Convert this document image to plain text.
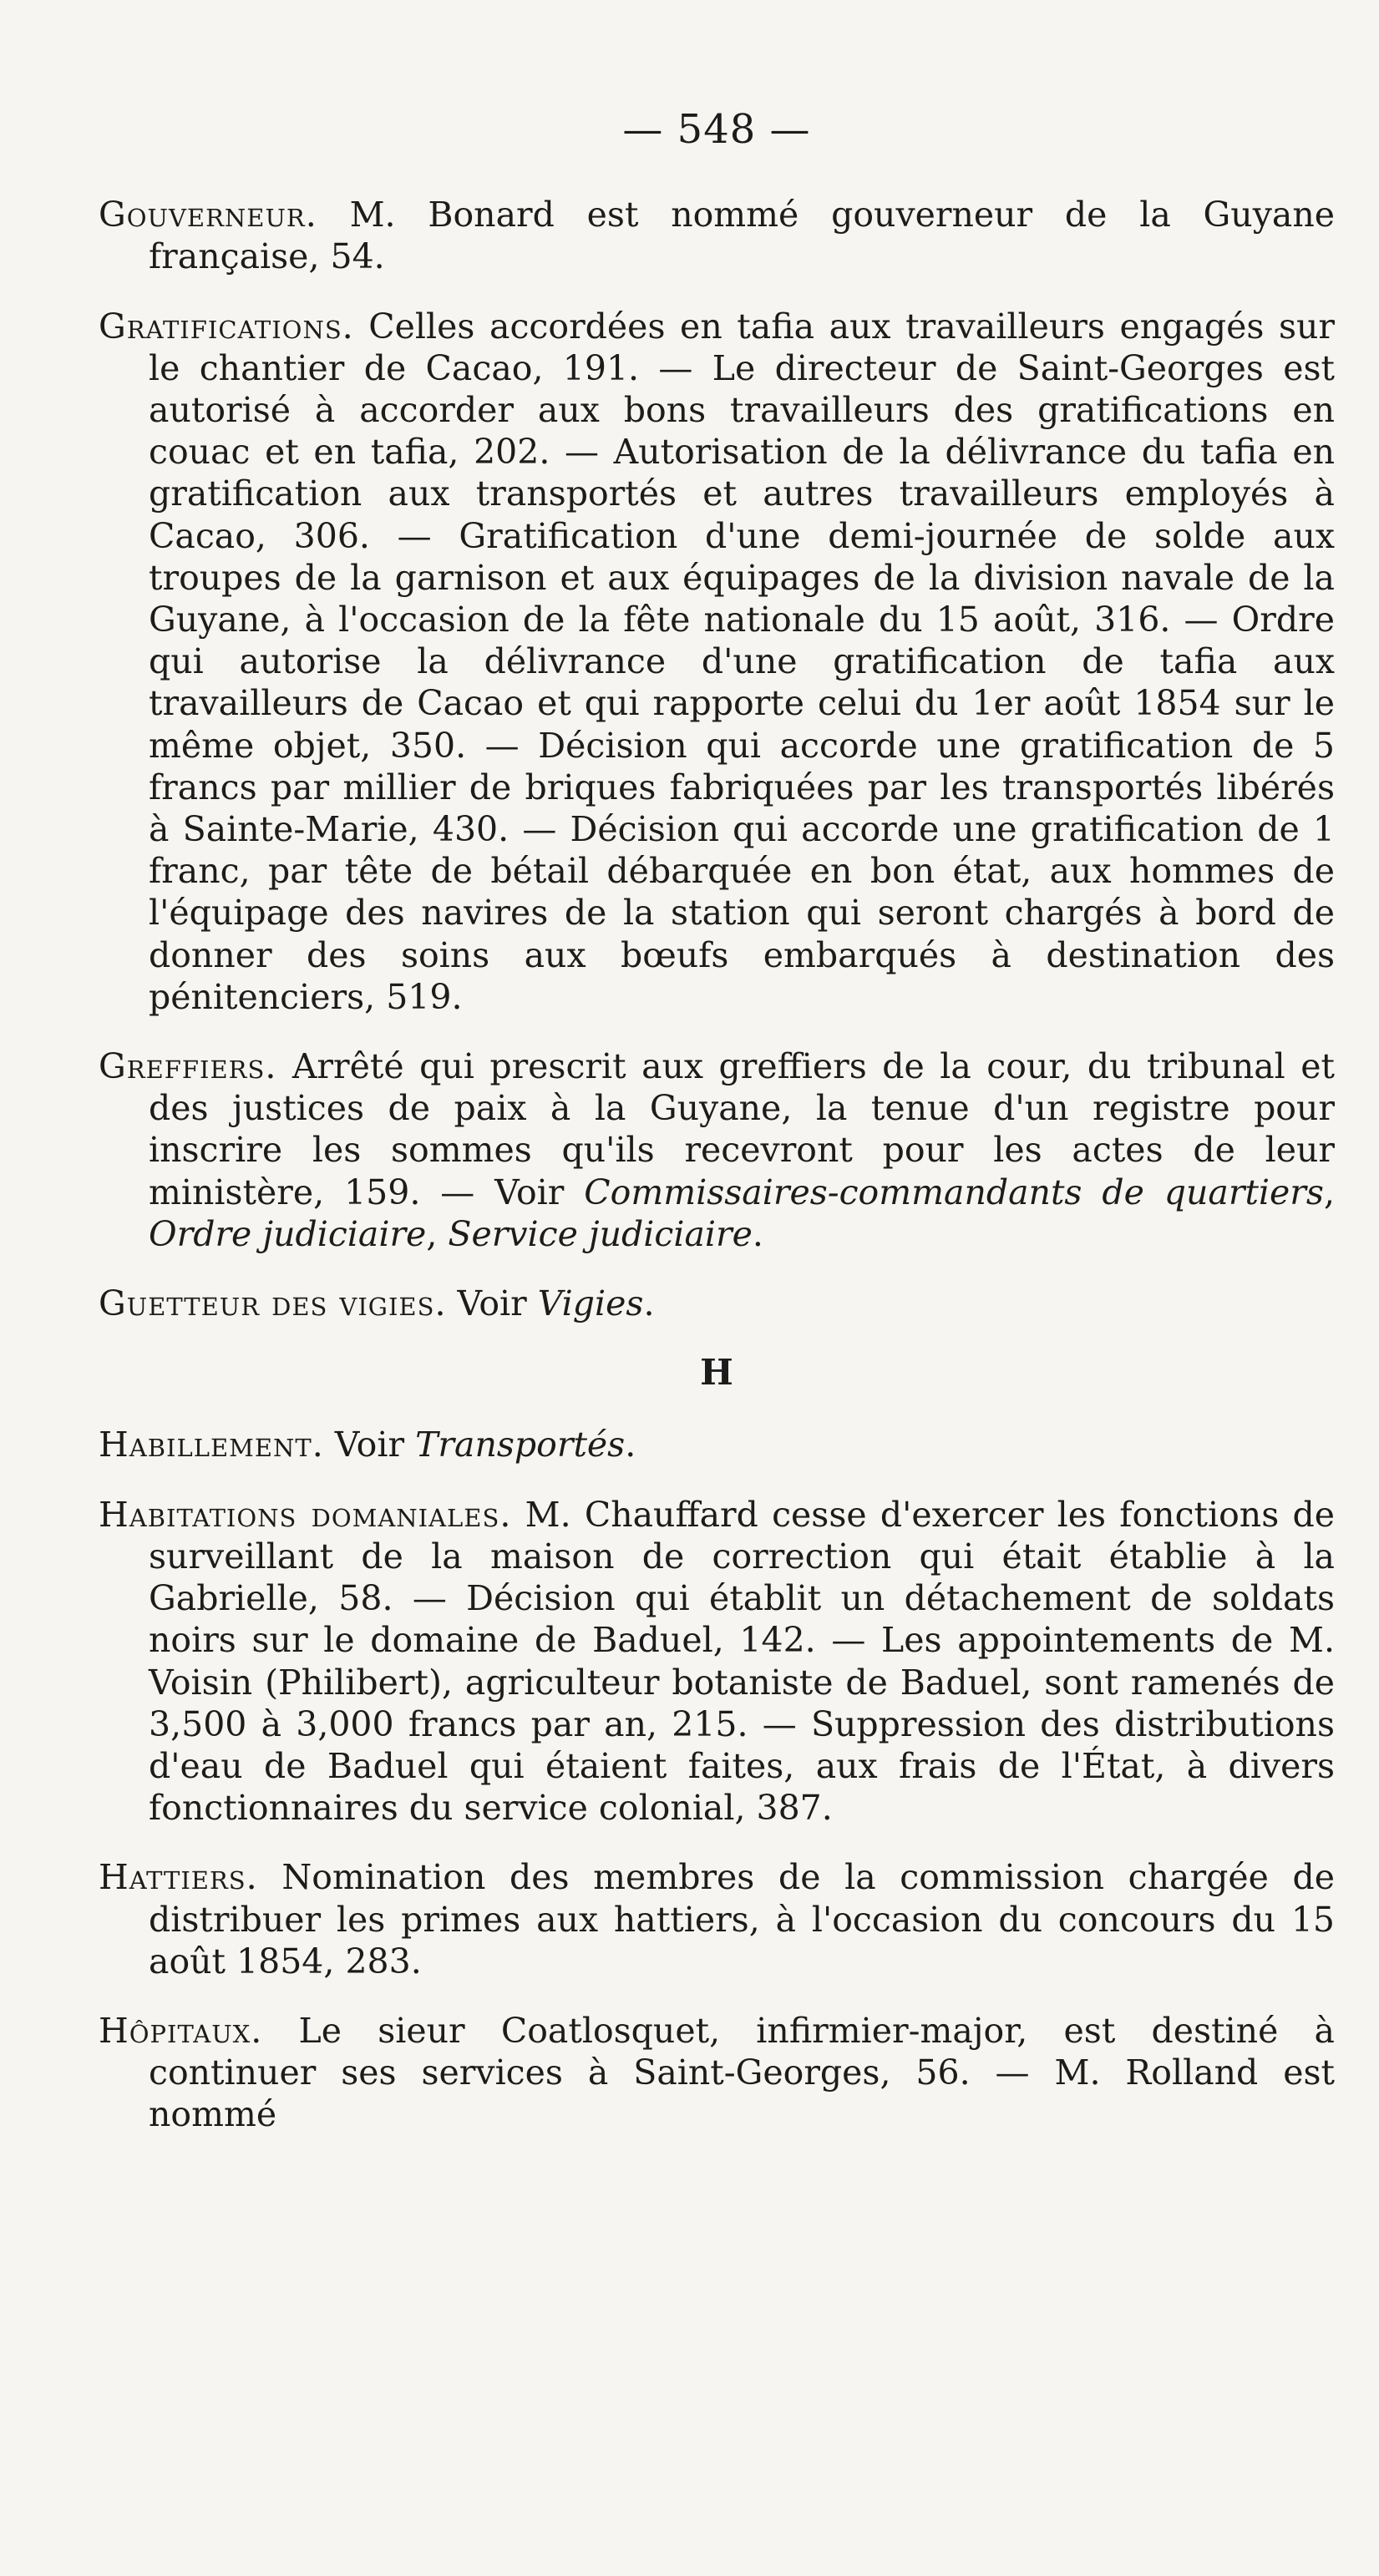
— 548 —

Gouverneur. M. Bonard est nommé gouverneur de la Guyane française, 54.

Gratifications. Celles accordées en tafia aux travailleurs engagés sur le chantier de Cacao, 191. — Le directeur de Saint-Georges est autorisé à accorder aux bons travailleurs des gratifications en couac et en tafia, 202. — Autorisation de la délivrance du tafia en gratification aux transportés et autres travailleurs employés à Cacao, 306. — Gratification d'une demi-journée de solde aux troupes de la garnison et aux équipages de la division navale de la Guyane, à l'occasion de la fête nationale du 15 août, 316. — Ordre qui autorise la délivrance d'une gratification de tafia aux travailleurs de Cacao et qui rapporte celui du 1er août 1854 sur le même objet, 350. — Décision qui accorde une gratification de 5 francs par millier de briques fabriquées par les transportés libérés à Sainte-Marie, 430. — Décision qui accorde une gratification de 1 franc, par tête de bétail débarquée en bon état, aux hommes de l'équipage des navires de la station qui seront chargés à bord de donner des soins aux bœufs embarqués à destination des pénitenciers, 519.

Greffiers. Arrêté qui prescrit aux greffiers de la cour, du tribunal et des justices de paix à la Guyane, la tenue d'un registre pour inscrire les sommes qu'ils recevront pour les actes de leur ministère, 159. — Voir Commissaires-commandants de quartiers, Ordre judiciaire, Service judiciaire.

Guetteur des vigies. Voir Vigies.

H

Habillement. Voir Transportés.

Habitations domaniales. M. Chauffard cesse d'exercer les fonctions de surveillant de la maison de correction qui était établie à la Gabrielle, 58. — Décision qui établit un détachement de soldats noirs sur le domaine de Baduel, 142. — Les appointements de M. Voisin (Philibert), agriculteur botaniste de Baduel, sont ramenés de 3,500 à 3,000 francs par an, 215. — Suppression des distributions d'eau de Baduel qui étaient faites, aux frais de l'État, à divers fonctionnaires du service colonial, 387.

Hattiers. Nomination des membres de la commission chargée de distribuer les primes aux hattiers, à l'occasion du concours du 15 août 1854, 283.

Hôpitaux. Le sieur Coatlosquet, infirmier-major, est destiné à continuer ses services à Saint-Georges, 56. — M. Rolland est nommé
